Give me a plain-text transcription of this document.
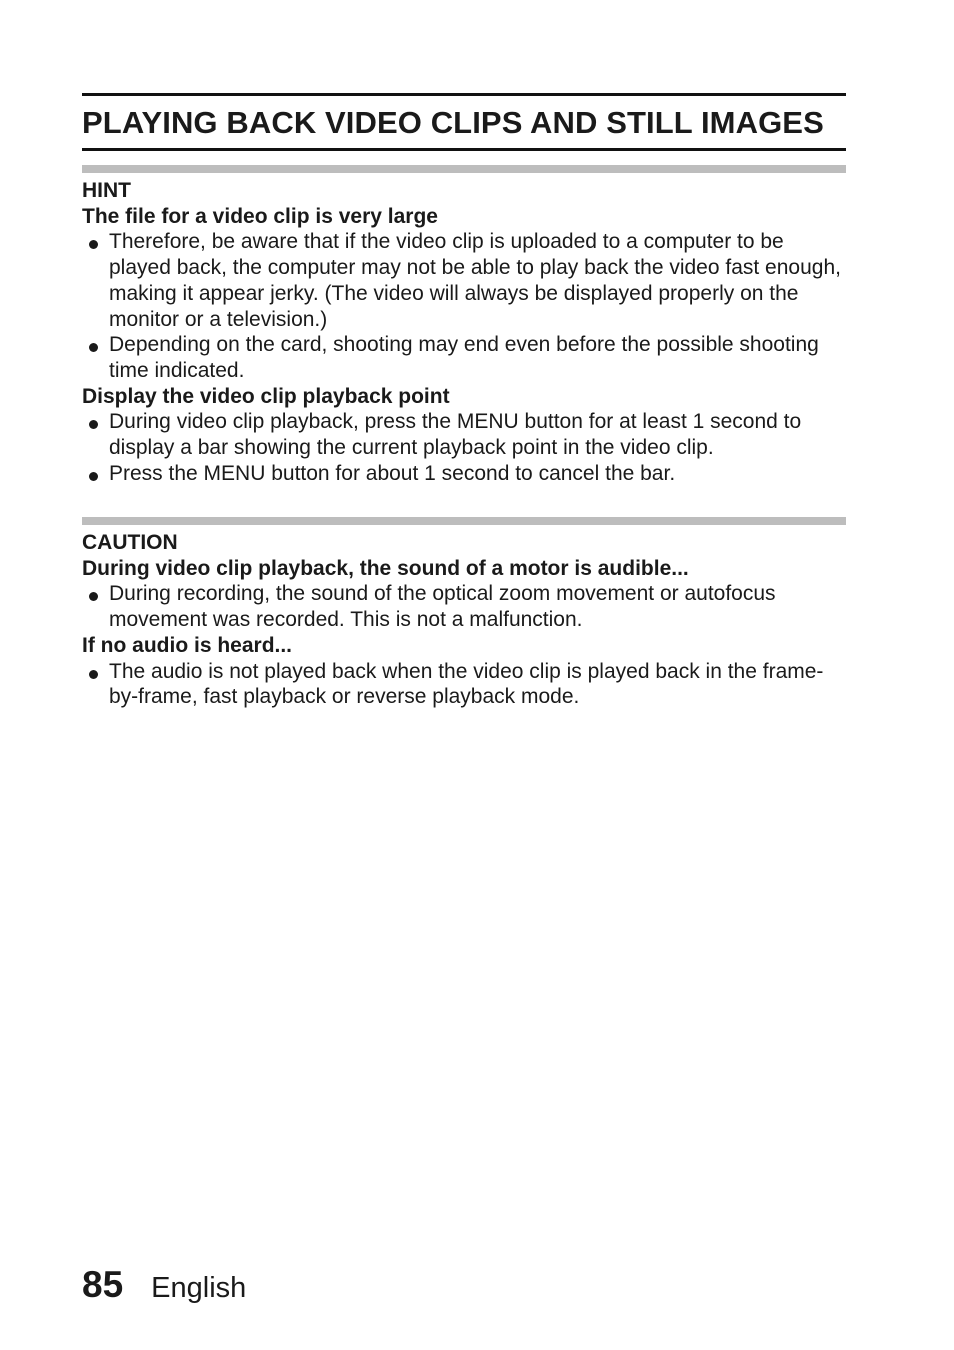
PLAYING BACK VIDEO CLIPS AND STILL IMAGES

HINT

The file for a video clip is very large

Therefore, be aware that if the video clip is uploaded to a computer to be played back, the computer may not be able to play back the video fast enough, making it appear jerky. (The video will always be displayed properly on the monitor or a television.)
Depending on the card, shooting may end even before the possible shooting time indicated.

Display the video clip playback point

During video clip playback, press the MENU button for at least 1 second to display a bar showing the current playback point in the video clip.
Press the MENU button for about 1 second to cancel the bar.

CAUTION

During video clip playback, the sound of a motor is audible...

During recording, the sound of the optical zoom movement or autofocus movement was recorded. This is not a malfunction.

If no audio is heard...

The audio is not played back when the video clip is played back in the frame-by-frame, fast playback or reverse playback mode.
85 English
